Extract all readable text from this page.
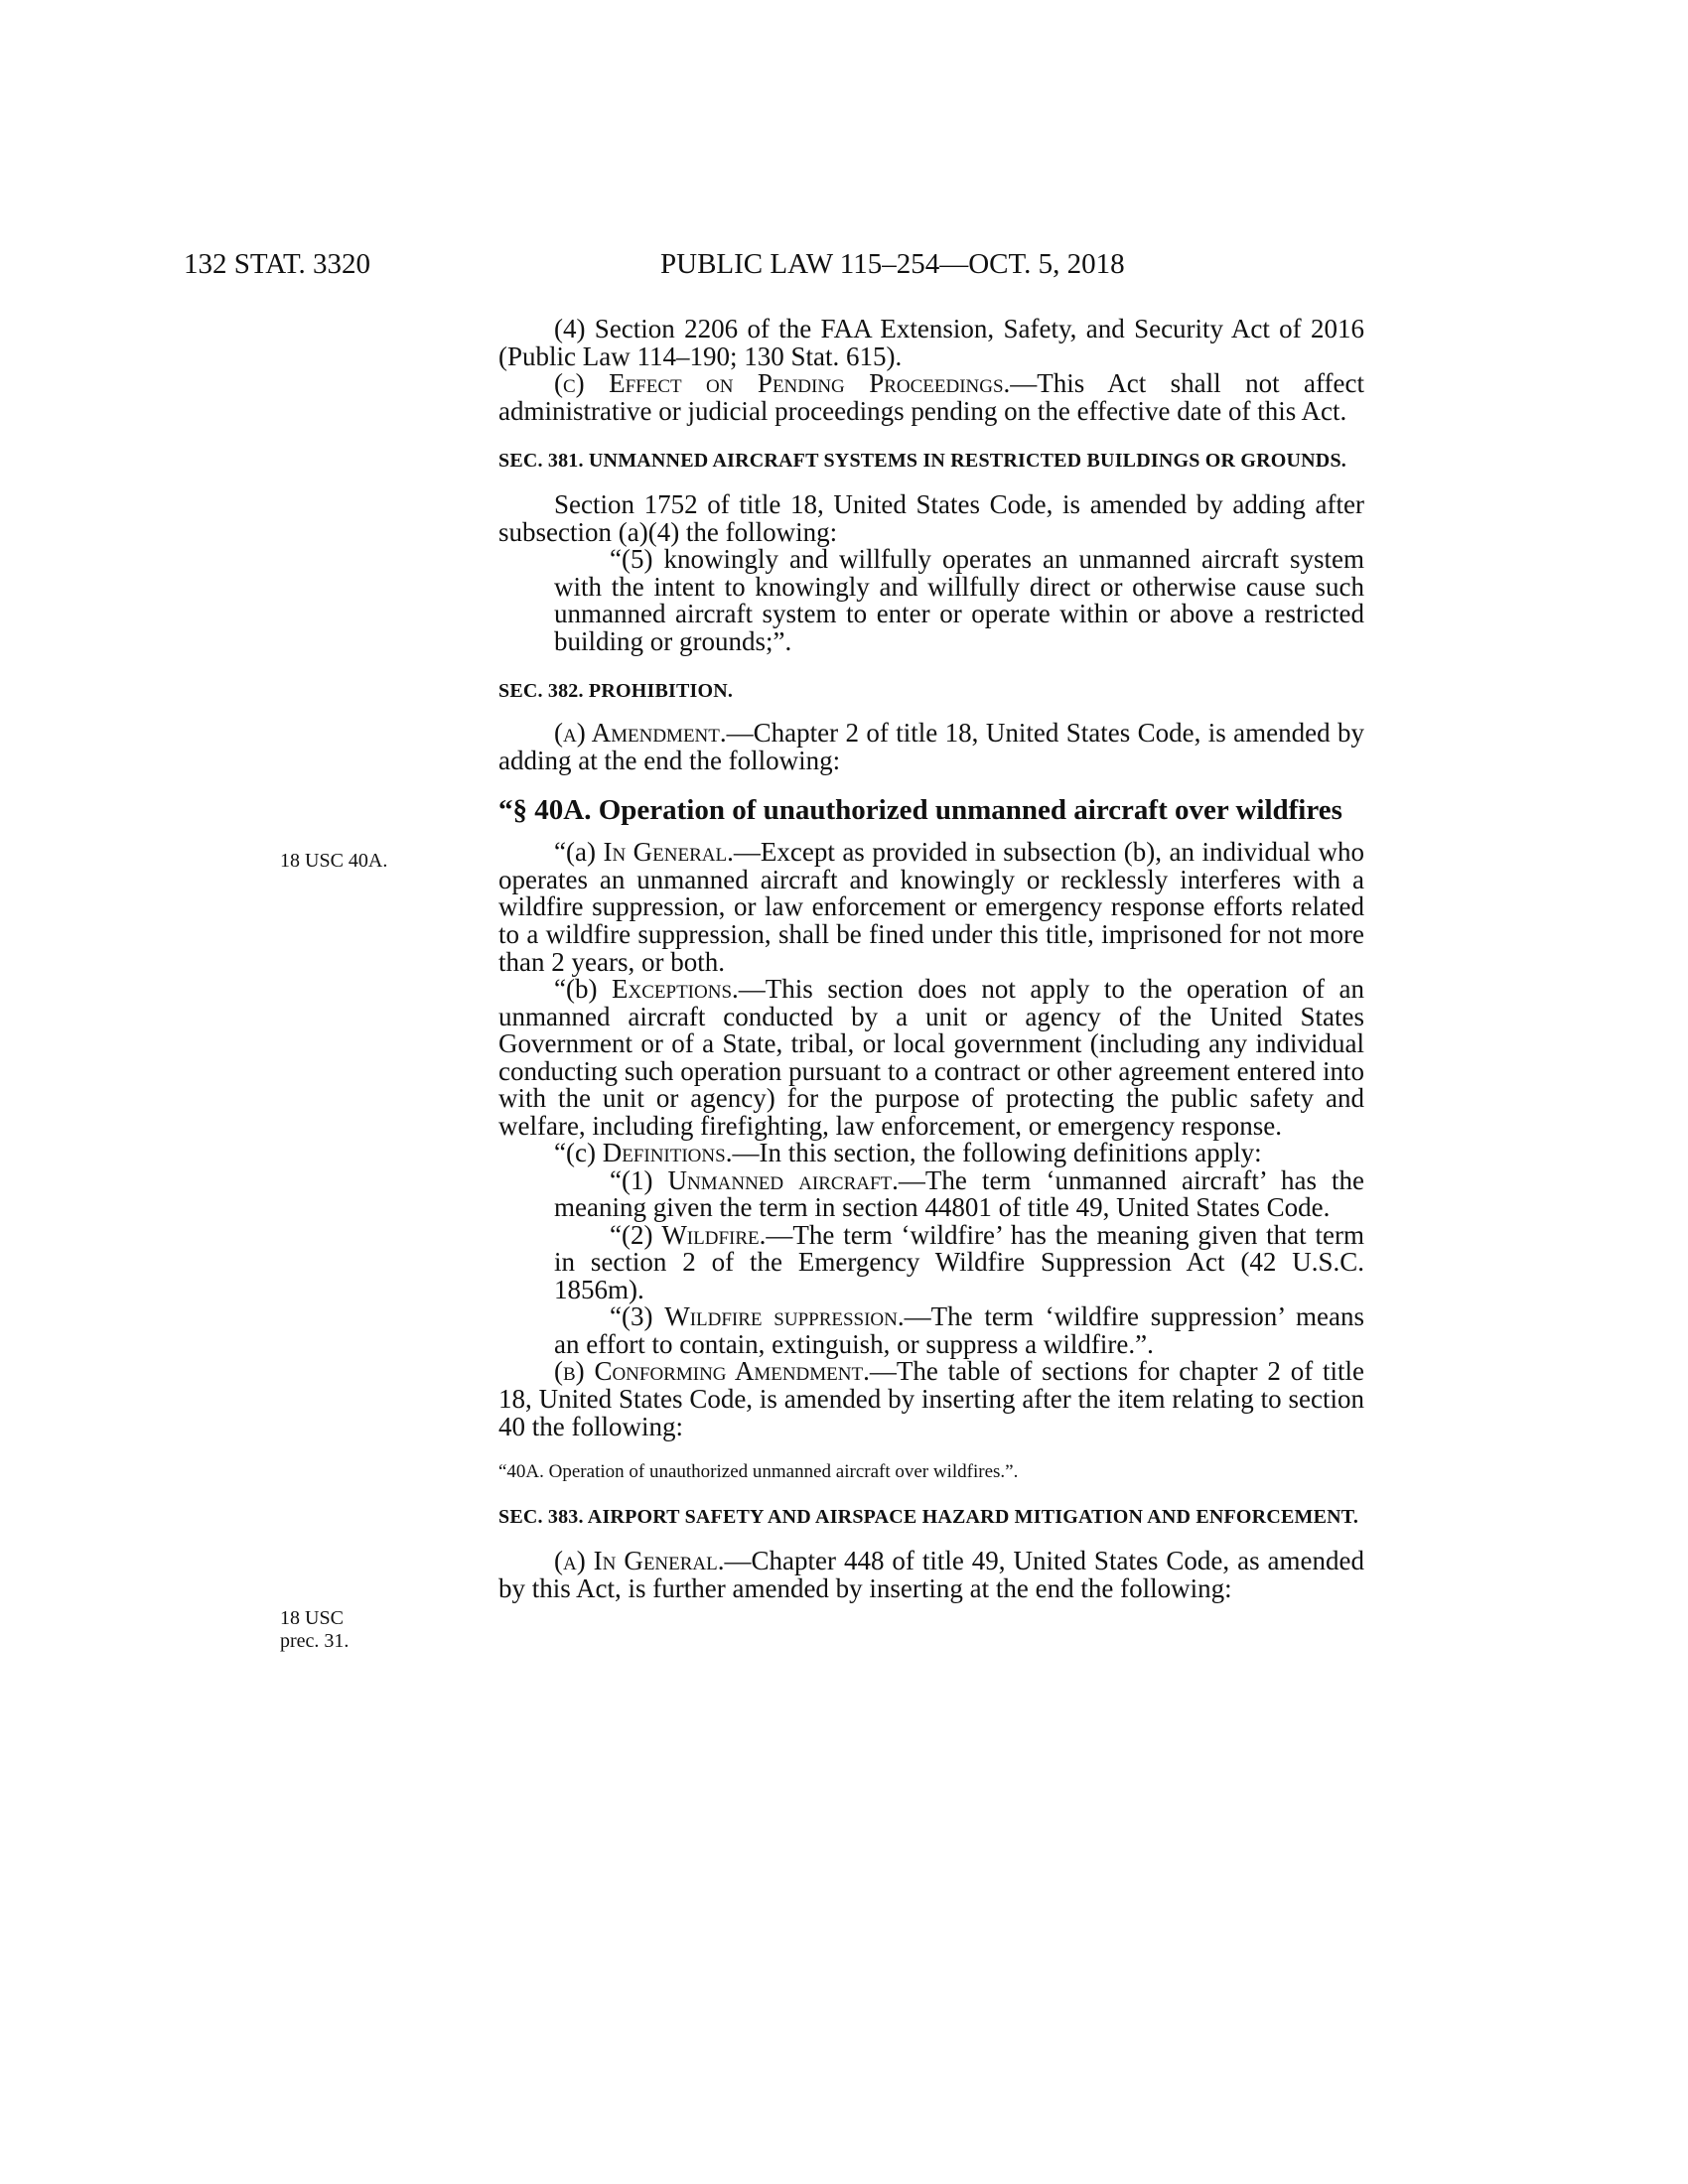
132 STAT. 3320	PUBLIC LAW 115–254—OCT. 5, 2018
18 USC 40A.
18 USC
prec. 31.

(4) Section 2206 of the FAA Extension, Safety, and Security Act of 2016 (Public Law 114–190; 130 Stat. 615).

(c) Effect on Pending Proceedings.—This Act shall not affect administrative or judicial proceedings pending on the effective date of this Act.

SEC. 381. UNMANNED AIRCRAFT SYSTEMS IN RESTRICTED BUILDINGS OR GROUNDS.

Section 1752 of title 18, United States Code, is amended by adding after subsection (a)(4) the following:

“(5) knowingly and willfully operates an unmanned aircraft system with the intent to knowingly and willfully direct or otherwise cause such unmanned aircraft system to enter or operate within or above a restricted building or grounds;”.

SEC. 382. PROHIBITION.

(a) Amendment.—Chapter 2 of title 18, United States Code, is amended by adding at the end the following:

“§ 40A. Operation of unauthorized unmanned aircraft over wildfires

“(a) In General.—Except as provided in subsection (b), an individual who operates an unmanned aircraft and knowingly or recklessly interferes with a wildfire suppression, or law enforcement or emergency response efforts related to a wildfire suppression, shall be fined under this title, imprisoned for not more than 2 years, or both.

“(b) Exceptions.—This section does not apply to the operation of an unmanned aircraft conducted by a unit or agency of the United States Government or of a State, tribal, or local government (including any individual conducting such operation pursuant to a contract or other agreement entered into with the unit or agency) for the purpose of protecting the public safety and welfare, including firefighting, law enforcement, or emergency response.

“(c) Definitions.—In this section, the following definitions apply:

“(1) Unmanned aircraft.—The term ‘unmanned aircraft’ has the meaning given the term in section 44801 of title 49, United States Code.

“(2) Wildfire.—The term ‘wildfire’ has the meaning given that term in section 2 of the Emergency Wildfire Suppression Act (42 U.S.C. 1856m).

“(3) Wildfire suppression.—The term ‘wildfire suppression’ means an effort to contain, extinguish, or suppress a wildfire.”.

(b) Conforming Amendment.—The table of sections for chapter 2 of title 18, United States Code, is amended by inserting after the item relating to section 40 the following:

“40A. Operation of unauthorized unmanned aircraft over wildfires.”.

SEC. 383. AIRPORT SAFETY AND AIRSPACE HAZARD MITIGATION AND ENFORCEMENT.

(a) In General.—Chapter 448 of title 49, United States Code, as amended by this Act, is further amended by inserting at the end the following:
